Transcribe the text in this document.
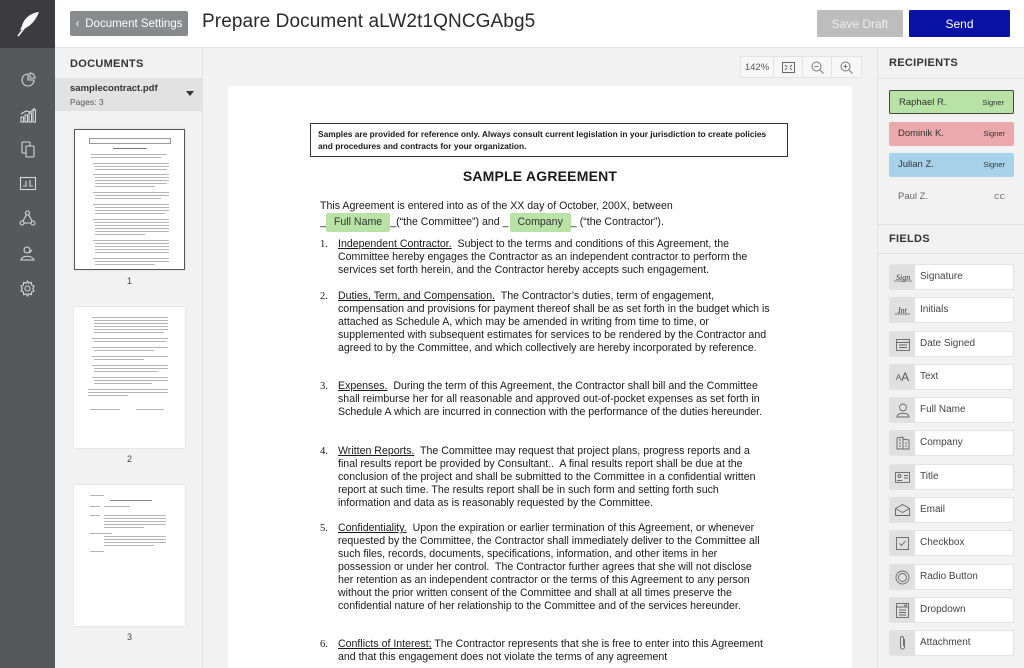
‹ Document Settings Prepare Document aLW2t1QNCGAbg5	Save Draft	Send
DOCUMENTS
samplecontract.pdf
Pages: 3
1
2
3
142%
Samples are provided for reference only. Always consult current legislation in your jurisdiction to create policies and procedures and contracts for your organization.
SAMPLE AGREEMENT
This Agreement is entered into as of the XX day of October, 200X, between
_ Full Name _(“the Committee”) and _ Company _ (“the Contractor”).
1. Independent Contractor.  Subject to the terms and conditions of this Agreement, the Committee hereby engages the Contractor as an independent contractor to perform the services set forth herein, and the Contractor hereby accepts such engagement.
2. Duties, Term, and Compensation.  The Contractor’s duties, term of engagement, compensation and provisions for payment thereof shall be as set forth in the budget which is attached as Schedule A, which may be amended in writing from time to time, or supplemented with subsequent estimates for services to be rendered by the Contractor and agreed to by the Committee, and which collectively are hereby incorporated by reference.
3. Expenses.  During the term of this Agreement, the Contractor shall bill and the Committee shall reimburse her for all reasonable and approved out-of-pocket expenses as set forth in Schedule A which are incurred in connection with the performance of the duties hereunder.
4. Written Reports.  The Committee may request that project plans, progress reports and a final results report be provided by Consultant..  A final results report shall be due at the conclusion of the project and shall be submitted to the Committee in a confidential written report at such time. The results report shall be in such form and setting forth such information and data as is reasonably requested by the Committee.
5. Confidentiality.  Upon the expiration or earlier termination of this Agreement, or whenever requested by the Committee, the Contractor shall immediately deliver to the Committee all such files, records, documents, specifications, information, and other items in her possession or under her control.  The Contractor further agrees that she will not disclose her retention as an independent contractor or the terms of this Agreement to any person without the prior written consent of the Committee and shall at all times preserve the confidential nature of her relationship to the Committee and of the services hereunder.
6. Conflicts of Interest; The Contractor represents that she is free to enter into this Agreement and that this engagement does not violate the terms of any agreement
RECIPIENTS
Raphael R.	Signer
Dominik K.	Signer
Julian Z.	Signer
Paul Z.	CC
FIELDS
Sign Signature
Int Initials
Date Signed
A A Text
Full Name
Company
Title
Email
Checkbox
Radio Button
Dropdown
Attachment
